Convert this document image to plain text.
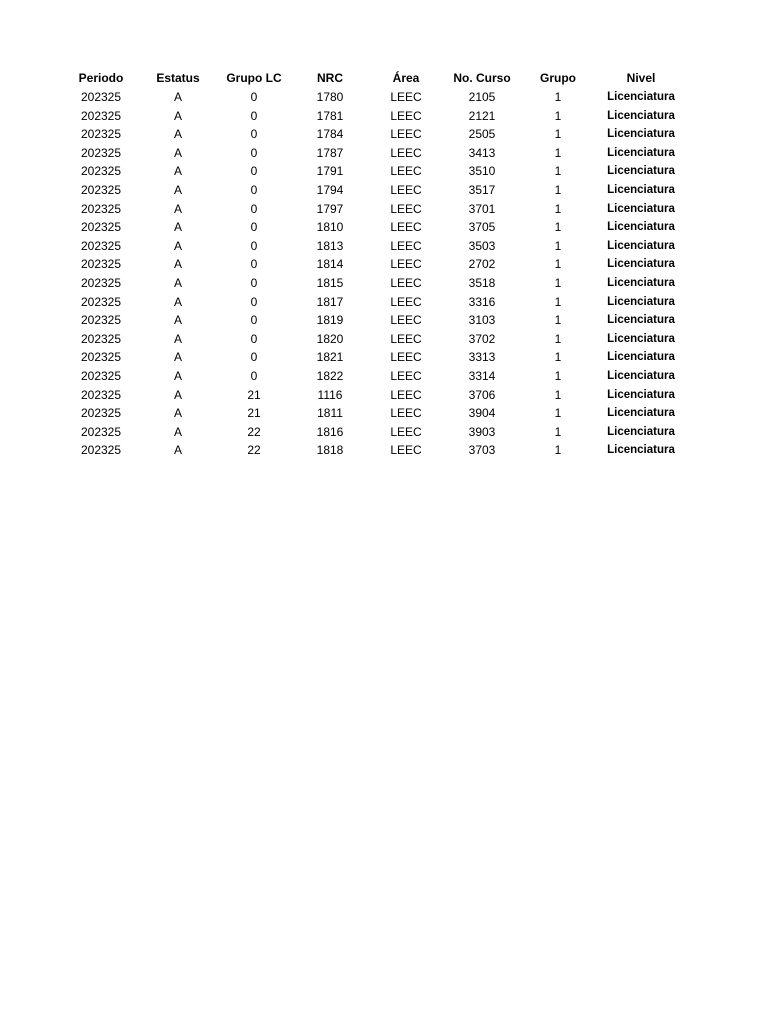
Periodo	Estatus	Grupo LC	NRC	Área	No. Curso	Grupo	Nivel
202325	A	0	1780	LEEC	2105	1	Licenciatura
202325	A	0	1781	LEEC	2121	1	Licenciatura
202325	A	0	1784	LEEC	2505	1	Licenciatura
202325	A	0	1787	LEEC	3413	1	Licenciatura
202325	A	0	1791	LEEC	3510	1	Licenciatura
202325	A	0	1794	LEEC	3517	1	Licenciatura
202325	A	0	1797	LEEC	3701	1	Licenciatura
202325	A	0	1810	LEEC	3705	1	Licenciatura
202325	A	0	1813	LEEC	3503	1	Licenciatura
202325	A	0	1814	LEEC	2702	1	Licenciatura
202325	A	0	1815	LEEC	3518	1	Licenciatura
202325	A	0	1817	LEEC	3316	1	Licenciatura
202325	A	0	1819	LEEC	3103	1	Licenciatura
202325	A	0	1820	LEEC	3702	1	Licenciatura
202325	A	0	1821	LEEC	3313	1	Licenciatura
202325	A	0	1822	LEEC	3314	1	Licenciatura
202325	A	21	1116	LEEC	3706	1	Licenciatura
202325	A	21	1811	LEEC	3904	1	Licenciatura
202325	A	22	1816	LEEC	3903	1	Licenciatura
202325	A	22	1818	LEEC	3703	1	Licenciatura
